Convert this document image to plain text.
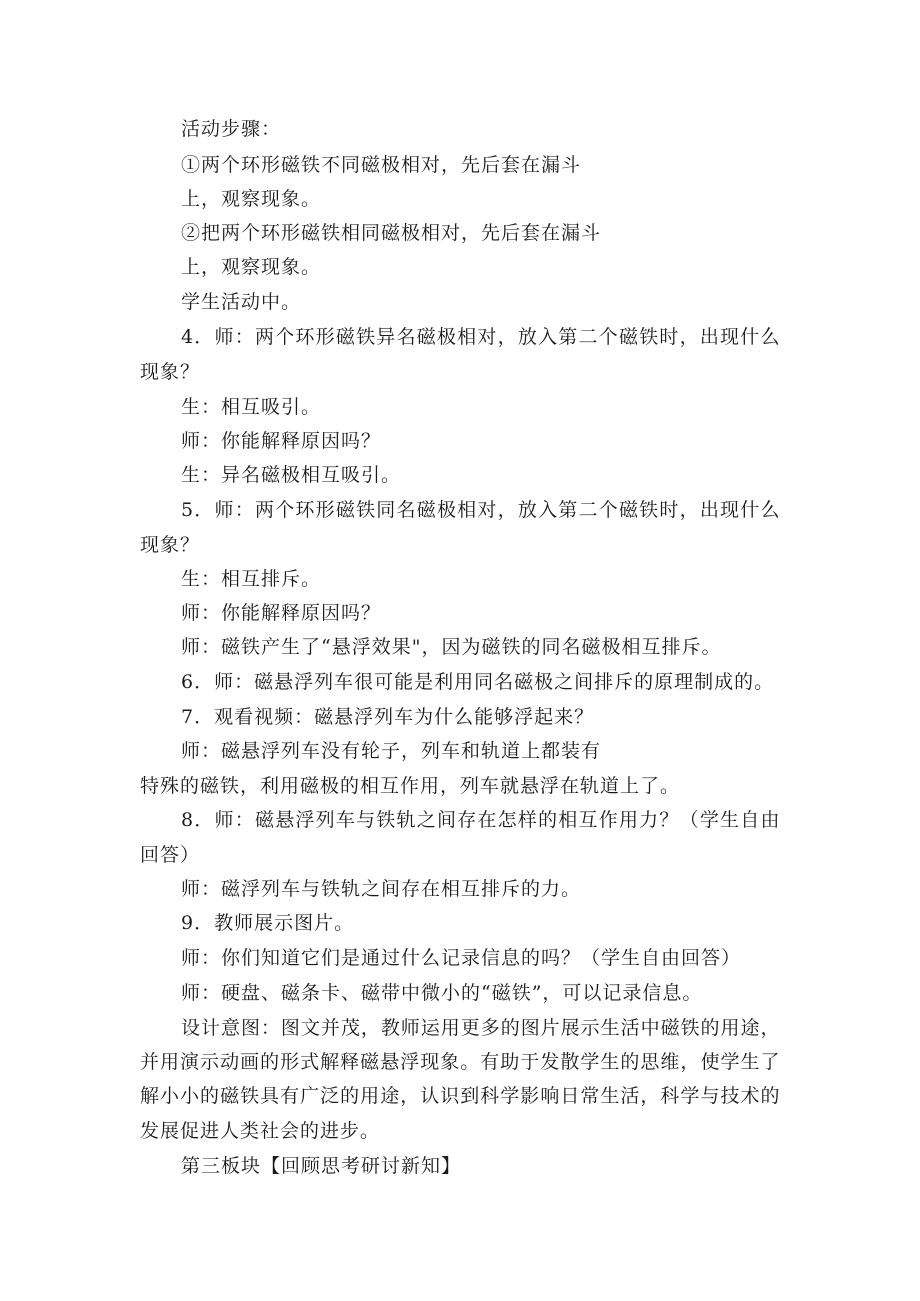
活动步骤：
①两个环形磁铁不同磁极相对，先后套在漏斗
上，观察现象。
②把两个环形磁铁相同磁极相对，先后套在漏斗
上，观察现象。
学生活动中。
4．师：两个环形磁铁异名磁极相对，放入第二个磁铁时，出现什么
现象？
生：相互吸引。
师：你能解释原因吗？
生：异名磁极相互吸引。
5．师：两个环形磁铁同名磁极相对，放入第二个磁铁时，出现什么
现象？
生：相互排斥。
师：你能解释原因吗？
师：磁铁产生了“悬浮效果"，因为磁铁的同名磁极相互排斥。
6．师：磁悬浮列车很可能是利用同名磁极之间排斥的原理制成的。
7．观看视频：磁悬浮列车为什么能够浮起来？
师：磁悬浮列车没有轮子，列车和轨道上都装有
特殊的磁铁，利用磁极的相互作用，列车就悬浮在轨道上了。
8．师：磁悬浮列车与铁轨之间存在怎样的相互作用力？（学生自由
回答）
师：磁浮列车与铁轨之间存在相互排斥的力。
9．教师展示图片。
师：你们知道它们是通过什么记录信息的吗？（学生自由回答）
师：硬盘、磁条卡、磁带中微小的“磁铁”，可以记录信息。
设计意图：图文并茂，教师运用更多的图片展示生活中磁铁的用途，
并用演示动画的形式解释磁悬浮现象。有助于发散学生的思维，使学生了
解小小的磁铁具有广泛的用途，认识到科学影响日常生活，科学与技术的
发展促进人类社会的进步。
第三板块【回顾思考研讨新知】
